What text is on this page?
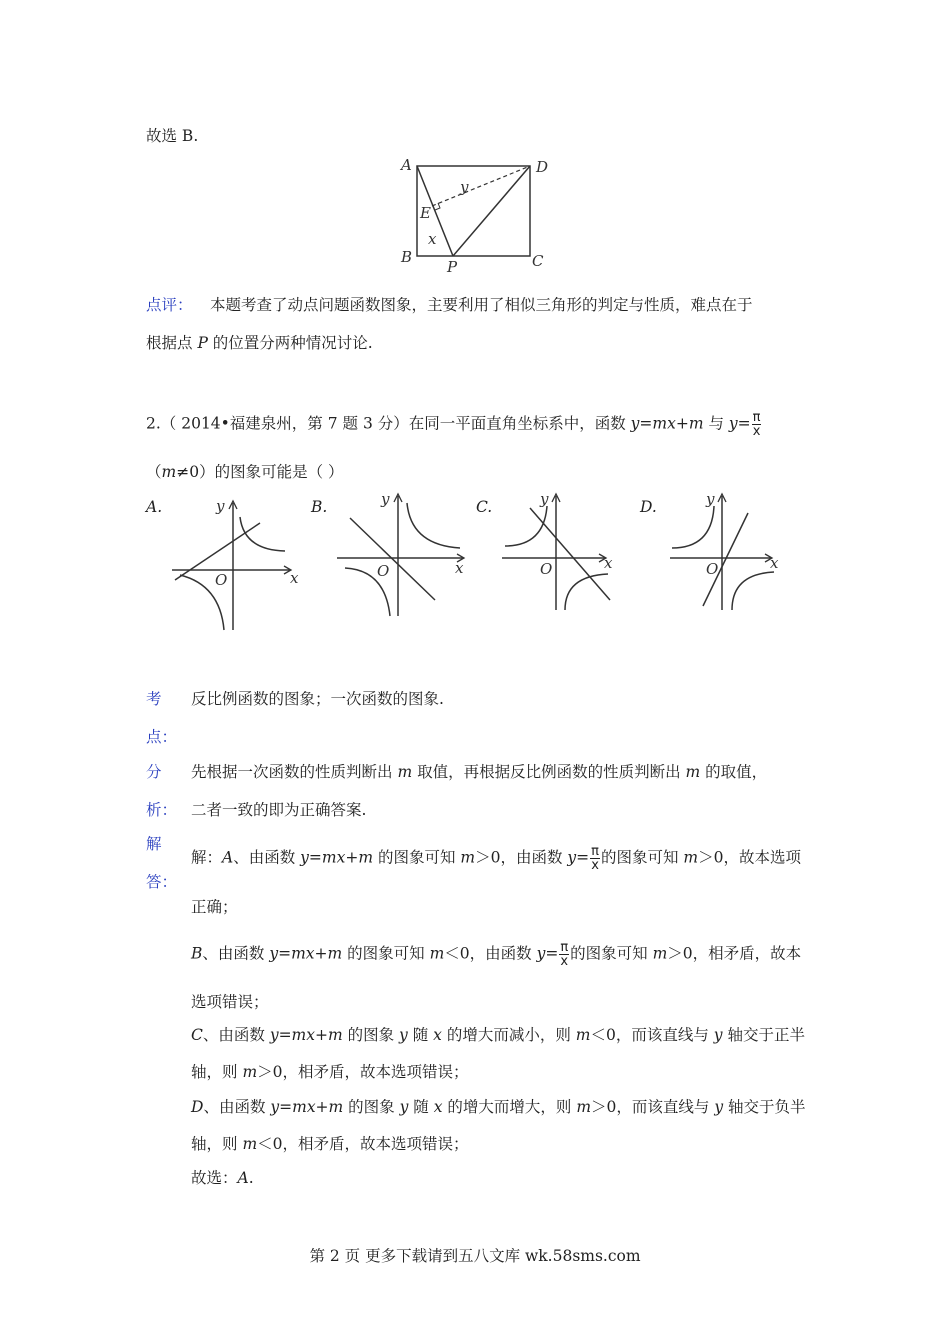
故选 B.
A	D
B	C
P
E
x
y
点评： 本题考查了动点问题函数图象，主要利用了相似三角形的判定与性质，难点在于
根据点 P 的位置分两种情况讨论.
2.（ 2014•福建泉州，第 7 题 3 分）在同一平面直角坐标系中，函数 y=mx+m 与 $y= \frac{\pi}{x}$
（m≠0）的图象可能是（ ）
A.	B.	C.	D.
y
x
O
y
x
O
y
x
O
y
x
O
考
点：
反比例函数的图象；一次函数的图象.
分
析：
先根据一次函数的性质判断出 m 取值，再根据反比例函数的性质判断出 m 的取值，
二者一致的即为正确答案.
解
答：
解：A、由函数 y=mx+m 的图象可知 m＞0，由函数 $y= \frac{\pi}{x}$ 的图象可知 m＞0，故本选项
正确；
B、由函数 y=mx+m 的图象可知 m＜0，由函数 $y= \frac{\pi}{x}$ 的图象可知 m＞0，相矛盾，故本
选项错误；
C、由函数 y=mx+m 的图象 y 随 x 的增大而减小，则 m＜0，而该直线与 y 轴交于正半
轴，则 m＞0，相矛盾，故本选项错误；
D、由函数 y=mx+m 的图象 y 随 x 的增大而增大，则 m＞0，而该直线与 y 轴交于负半
轴，则 m＜0，相矛盾，故本选项错误；
故选：A.
第 2 页 更多下载请到五八文库 wk.58sms.com
